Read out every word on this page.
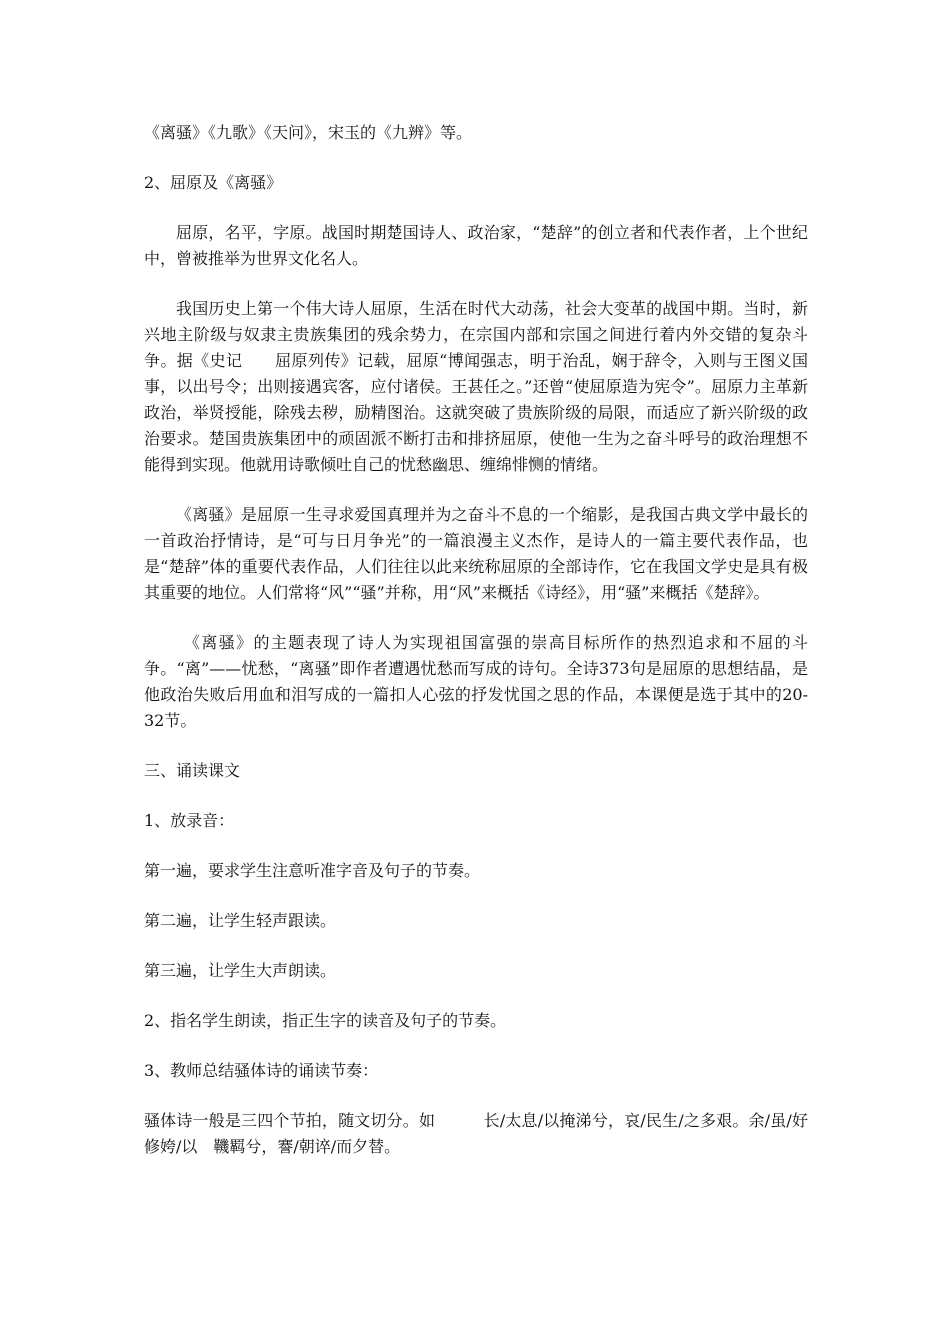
《离骚》《九歌》《天问》，宋玉的《九辨》等。

2、屈原及《离骚》

屈原，名平，字原。战国时期楚国诗人、政治家，“楚辞”的创立者和代表作者，上个世纪中，曾被推举为世界文化名人。

我国历史上第一个伟大诗人屈原，生活在时代大动荡，社会大变革的战国中期。当时，新兴地主阶级与奴隶主贵族集团的残余势力，在宗国内部和宗国之间进行着内外交错的复杂斗争。据《史记　　屈原列传》记载，屈原“博闻强志，明于治乱，娴于辞令，入则与王图义国事，以出号令；出则接遇宾客，应付诸侯。王甚任之。”还曾“使屈原造为宪令”。屈原力主革新政治，举贤授能，除残去秽，励精图治。这就突破了贵族阶级的局限，而适应了新兴阶级的政治要求。楚国贵族集团中的顽固派不断打击和排挤屈原，使他一生为之奋斗呼号的政治理想不能得到实现。他就用诗歌倾吐自己的忧愁幽思、缠绵悱恻的情绪。

《离骚》是屈原一生寻求爱国真理并为之奋斗不息的一个缩影，是我国古典文学中最长的一首政治抒情诗，是“可与日月争光”的一篇浪漫主义杰作，是诗人的一篇主要代表作品，也是“楚辞”体的重要代表作品，人们往往以此来统称屈原的全部诗作，它在我国文学史是具有极其重要的地位。人们常将“风”“骚”并称，用“风”来概括《诗经》，用“骚”来概括《楚辞》。

《离骚》的主题表现了诗人为实现祖国富强的崇高目标所作的热烈追求和不屈的斗争。“离”——忧愁，“离骚”即作者遭遇忧愁而写成的诗句。全诗373句是屈原的思想结晶，是他政治失败后用血和泪写成的一篇扣人心弦的抒发忧国之思的作品，本课便是选于其中的20-32节。

三、诵读课文

1、放录音：

第一遍，要求学生注意听准字音及句子的节奏。

第二遍，让学生轻声跟读。

第三遍，让学生大声朗读。

2、指名学生朗读，指正生字的读音及句子的节奏。

3、教师总结骚体诗的诵读节奏：

骚体诗一般是三四个节拍，随文切分。如　　　长/太息/以掩涕兮，哀/民生/之多艰。余/虽/好修姱/以　鞿羁兮，謇/朝谇/而夕替。
